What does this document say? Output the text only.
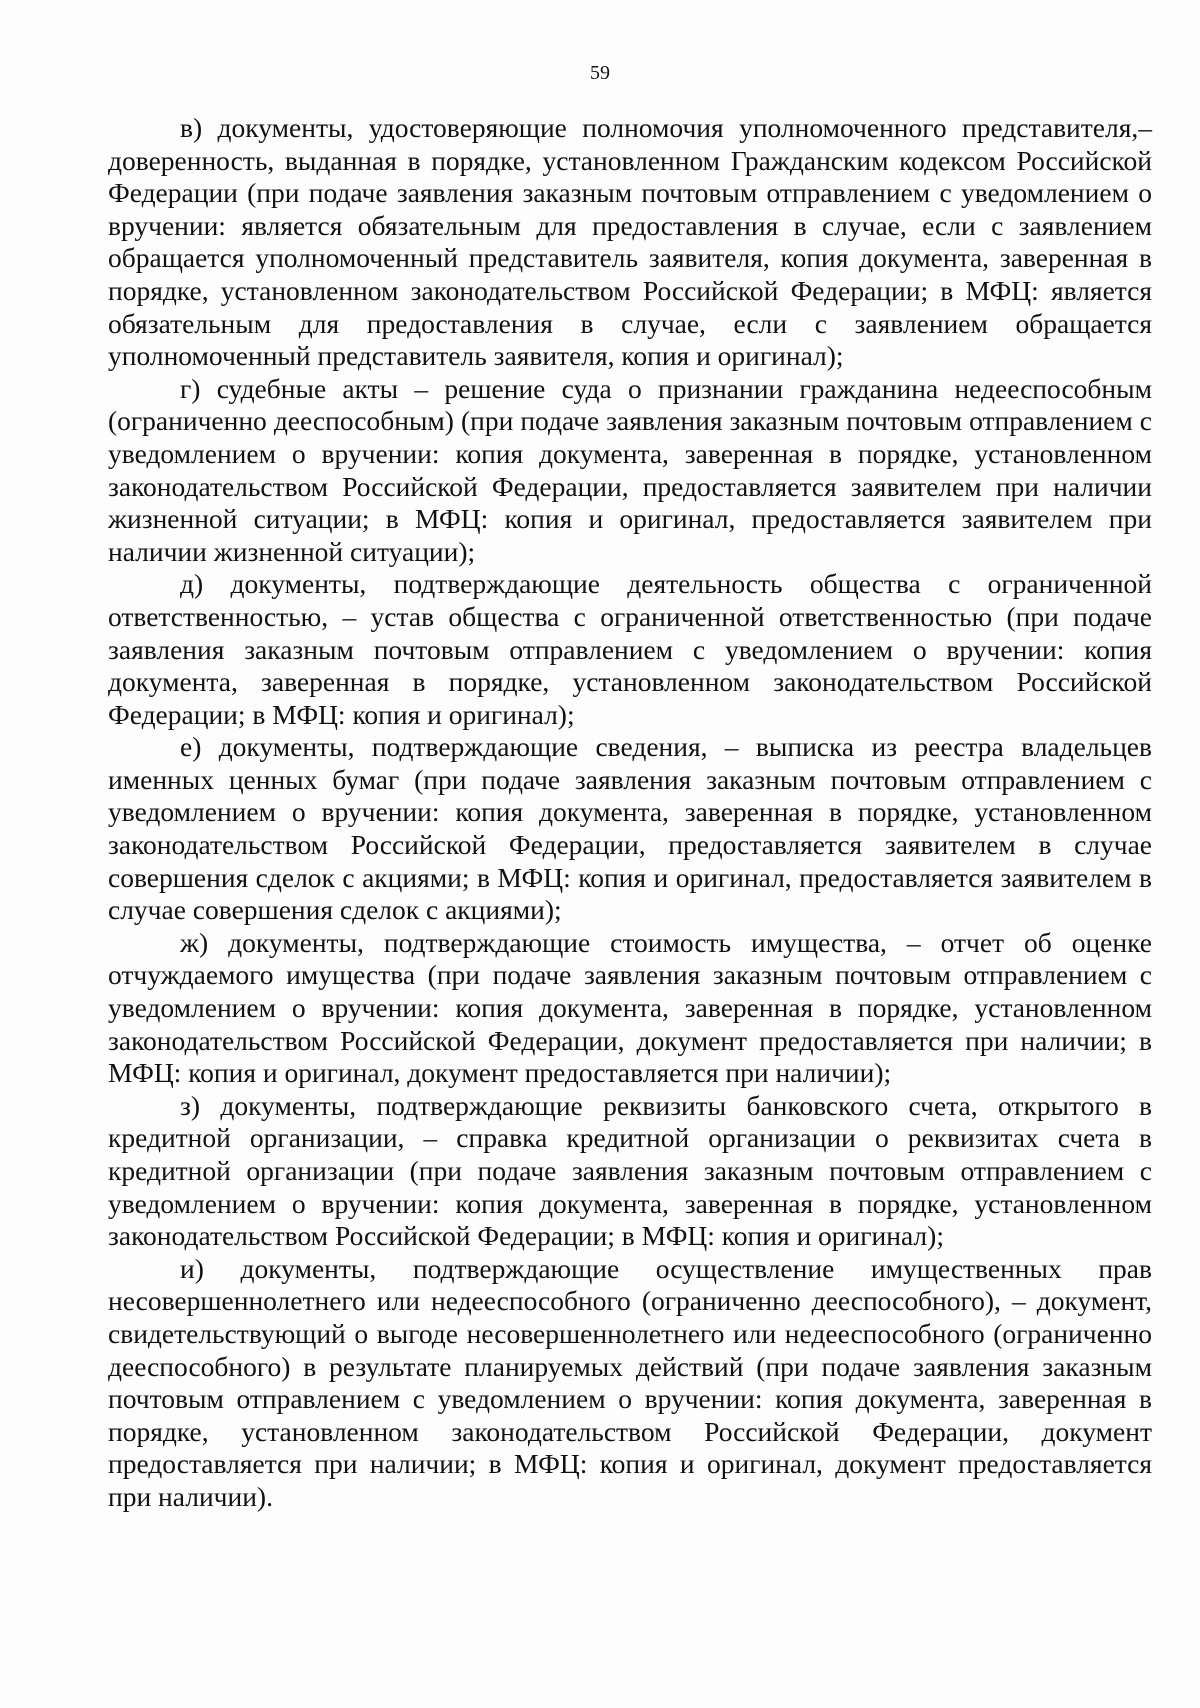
59

в) документы, удостоверяющие полномочия уполномоченного представителя,– доверенность, выданная в порядке, установленном Гражданским кодексом Российской Федерации (при подаче заявления заказным почтовым отправлением с уведомлением о вручении: является обязательным для предоставления в случае, если с заявлением обращается уполномоченный представитель заявителя, копия документа, заверенная в порядке, установленном законодательством Российской Федерации; в МФЦ: является обязательным для предоставления в случае, если с заявлением обращается уполномоченный представитель заявителя, копия и оригинал);

г) судебные акты – решение суда о признании гражданина недееспособным (ограниченно дееспособным) (при подаче заявления заказным почтовым отправлением с уведомлением о вручении: копия документа, заверенная в порядке, установленном законодательством Российской Федерации, предоставляется заявителем при наличии жизненной ситуации; в МФЦ: копия и оригинал, предоставляется заявителем при наличии жизненной ситуации);

д) документы, подтверждающие деятельность общества с ограниченной ответственностью, – устав общества с ограниченной ответственностью (при подаче заявления заказным почтовым отправлением с уведомлением о вручении: копия документа, заверенная в порядке, установленном законодательством Российской Федерации; в МФЦ: копия и оригинал);

е) документы, подтверждающие сведения, – выписка из реестра владельцев именных ценных бумаг (при подаче заявления заказным почтовым отправлением с уведомлением о вручении: копия документа, заверенная в порядке, установленном законодательством Российской Федерации, предоставляется заявителем в случае совершения сделок с акциями; в МФЦ: копия и оригинал, предоставляется заявителем в случае совершения сделок с акциями);

ж) документы, подтверждающие стоимость имущества, – отчет об оценке отчуждаемого имущества (при подаче заявления заказным почтовым отправлением с уведомлением о вручении: копия документа, заверенная в порядке, установленном законодательством Российской Федерации, документ предоставляется при наличии; в МФЦ: копия и оригинал, документ предоставляется при наличии);

з) документы, подтверждающие реквизиты банковского счета, открытого в кредитной организации, – справка кредитной организации о реквизитах счета в кредитной организации (при подаче заявления заказным почтовым отправлением с уведомлением о вручении: копия документа, заверенная в порядке, установленном законодательством Российской Федерации; в МФЦ: копия и оригинал);

и) документы, подтверждающие осуществление имущественных прав несовершеннолетнего или недееспособного (ограниченно дееспособного), – документ, свидетельствующий о выгоде несовершеннолетнего или недееспособного (ограниченно дееспособного) в результате планируемых действий (при подаче заявления заказным почтовым отправлением с уведомлением о вручении: копия документа, заверенная в порядке, установленном законодательством Российской Федерации, документ предоставляется при наличии; в МФЦ: копия и оригинал, документ предоставляется при наличии).
